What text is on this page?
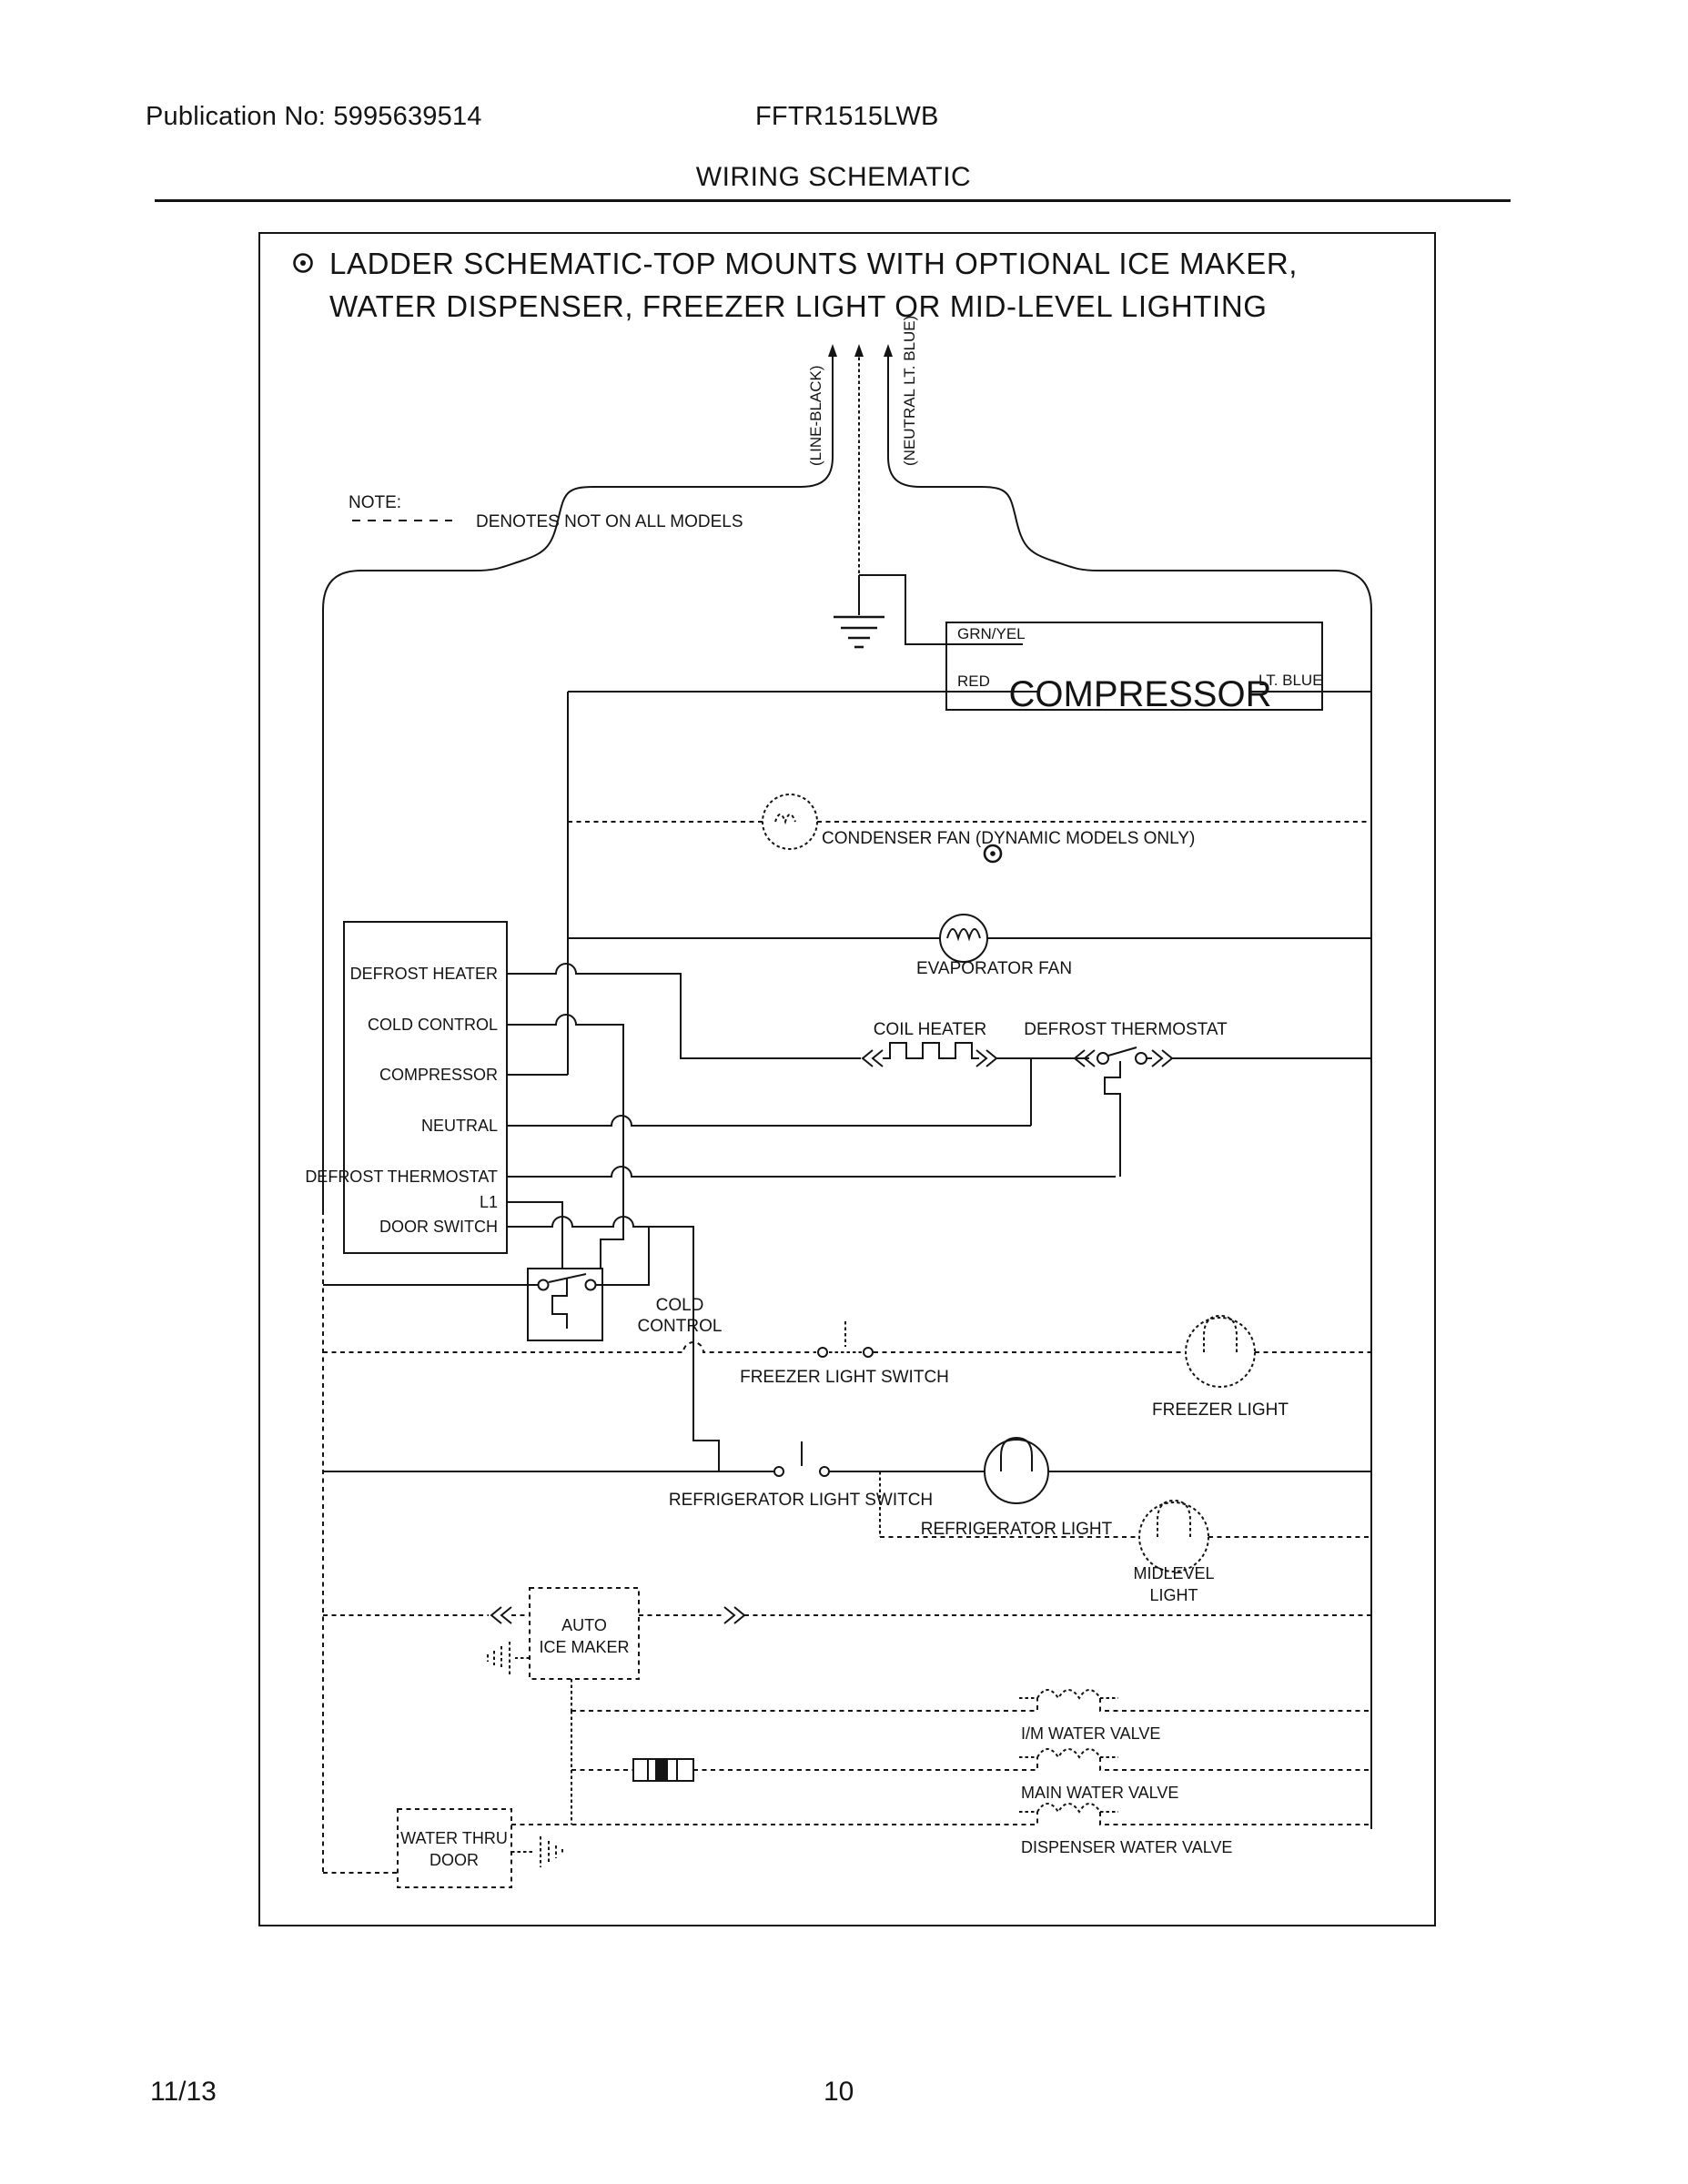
Publication No: 5995639514	FFTR1515LWB
WIRING SCHEMATIC
LADDER SCHEMATIC-TOP MOUNTS WITH OPTIONAL ICE MAKER,
WATER DISPENSER, FREEZER LIGHT OR MID-LEVEL LIGHTING
NOTE:
DENOTES NOT ON ALL MODELS
(LINE-BLACK)	(NEUTRAL LT. BLUE)
GRN/YEL
RED COMPRESSOR
LT. BLUE
CONDENSER FAN (DYNAMIC MODELS ONLY)
EVAPORATOR FAN
DEFROST HEATER
COLD CONTROL
COMPRESSOR
NEUTRAL
DEFROST THERMOSTAT
L1
DOOR SWITCH
COIL HEATER DEFROST THERMOSTAT
COLD
CONTROL
FREEZER LIGHT SWITCH
FREEZER LIGHT
REFRIGERATOR LIGHT SWITCH
REFRIGERATOR LIGHT
MIDLEVEL
LIGHT
AUTO
ICE MAKER
I/M WATER VALVE
MAIN WATER VALVE
DISPENSER WATER VALVE
WATER THRU
DOOR
11/13	10
